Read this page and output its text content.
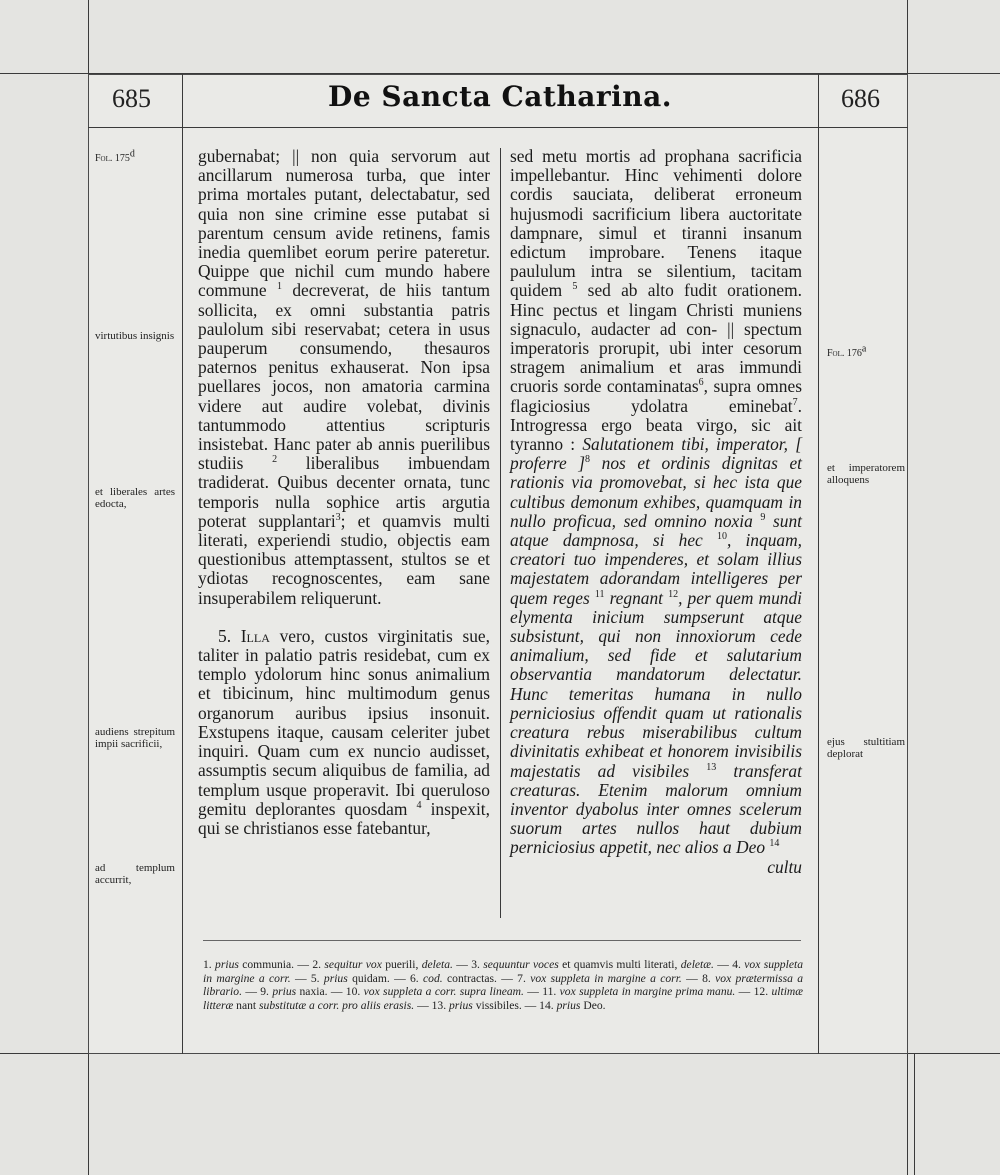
685	De Sancta Catharina.	686
Fol. 175$^d$
virtutibus insignis
et liberales artes edocta,
audiens strepitum impii sacrificii,
ad templum accurrit,
Fol. 176$^a$
et imperatorem alloquens
ejus stultitiam deplorat

gubernabat; || non quia servorum aut ancillarum numerosa turba, que inter prima mortales putant, delectabatur, sed quia non sine crimine esse putabat si parentum censum avide retinens, famis inedia quemlibet eorum perire pateretur. Quippe que nichil cum mundo habere commune $^1$ decreverat, de hiis tantum sollicita, ex omni substantia patris paulolum sibi reservabat; cetera in usus pauperum consumendo, thesauros paternos penitus exhauserat. Non ipsa puellares jocos, non amatoria carmina videre aut audire volebat, divinis tantummodo attentius scripturis insistebat. Hanc pater ab annis puerilibus studiis	$^2$ liberalibus imbuendam tradiderat. Quibus decenter ornata, tunc temporis nulla sophice artis argutia poterat supplantari$^3$; et quamvis multi literati, experiendi studio, objectis eam questionibus attemptassent, stultos se et ydiotas recognoscentes, eam sane insuperabilem reliquerunt.

5. Illa vero, custos virginitatis sue, taliter in palatio patris residebat, cum ex templo ydolorum hinc sonus animalium et tibicinum, hinc multimodum genus organorum auribus ipsius insonuit. Exstupens itaque, causam celeriter jubet inquiri. Quam cum ex nuncio audisset, assumptis secum aliquibus de familia, ad templum usque properavit. Ibi queruloso gemitu deplorantes quosdam $^4$ inspexit, qui se christianos esse fatebantur,

sed metu mortis ad prophana sacrificia impellebantur. Hinc vehimenti dolore cordis sauciata, deliberat erroneum hujusmodi sacrificium libera auctoritate dampnare, simul et tiranni insanum edictum improbare. Tenens itaque paululum intra se silentium, tacitam quidem $^5$ sed ab alto fudit orationem. Hinc pectus et lingam Christi muniens signaculo, audacter ad con- || spectum imperatoris prorupit, ubi inter cesorum stragem animalium et aras immundi cruoris sorde contaminatas$^6$, supra omnes flagiciosius ydolatra eminebat$^7$. Introgressa ergo beata virgo, sic ait tyranno : Salutationem tibi, imperator, [ proferre ]$^8$ nos et ordinis dignitas et rationis via promovebat, si hec ista que cultibus demonum exhibes, quamquam in nullo proficua, sed omnino noxia $^9$ sunt atque dampnosa, si hec $^{10}$, inquam, creatori tuo impenderes, et solam illius majestatem adorandam intelligeres per quem reges $^{11}$ regnant $^{12}$, per quem mundi elymenta inicium sumpserunt atque subsistunt, qui non innoxiorum cede animalium, sed fide et salutarium observantia mandatorum delectatur. Hunc temeritas humana in nullo perniciosius offendit quam ut rationalis creatura rebus miserabilibus cultum divinitatis exhibeat et honorem invisibilis majestatis ad visibiles $^{13}$ transferat creaturas. Etenim malorum omnium inventor dyabolus inter omnes scelerum suorum artes nullos haut dubium perniciosius appetit, nec alios a Deo $^{14}$
cultu

1. prius communia. — 2. sequitur vox puerili, deleta. — 3. sequuntur voces et quamvis multi literati, deletæ. — 4. vox suppleta in margine a corr. — 5. prius quidam. — 6. cod. contractas. — 7. vox suppleta in margine a corr. — 8. vox prætermissa a librario. — 9. prius naxia. — 10. vox suppleta a corr. supra lineam. — 11. vox suppleta in margine prima manu. — 12. ultimæ litteræ nant substitutæ a corr. pro aliis erasis. — 13. prius vissibiles. — 14. prius Deo.
